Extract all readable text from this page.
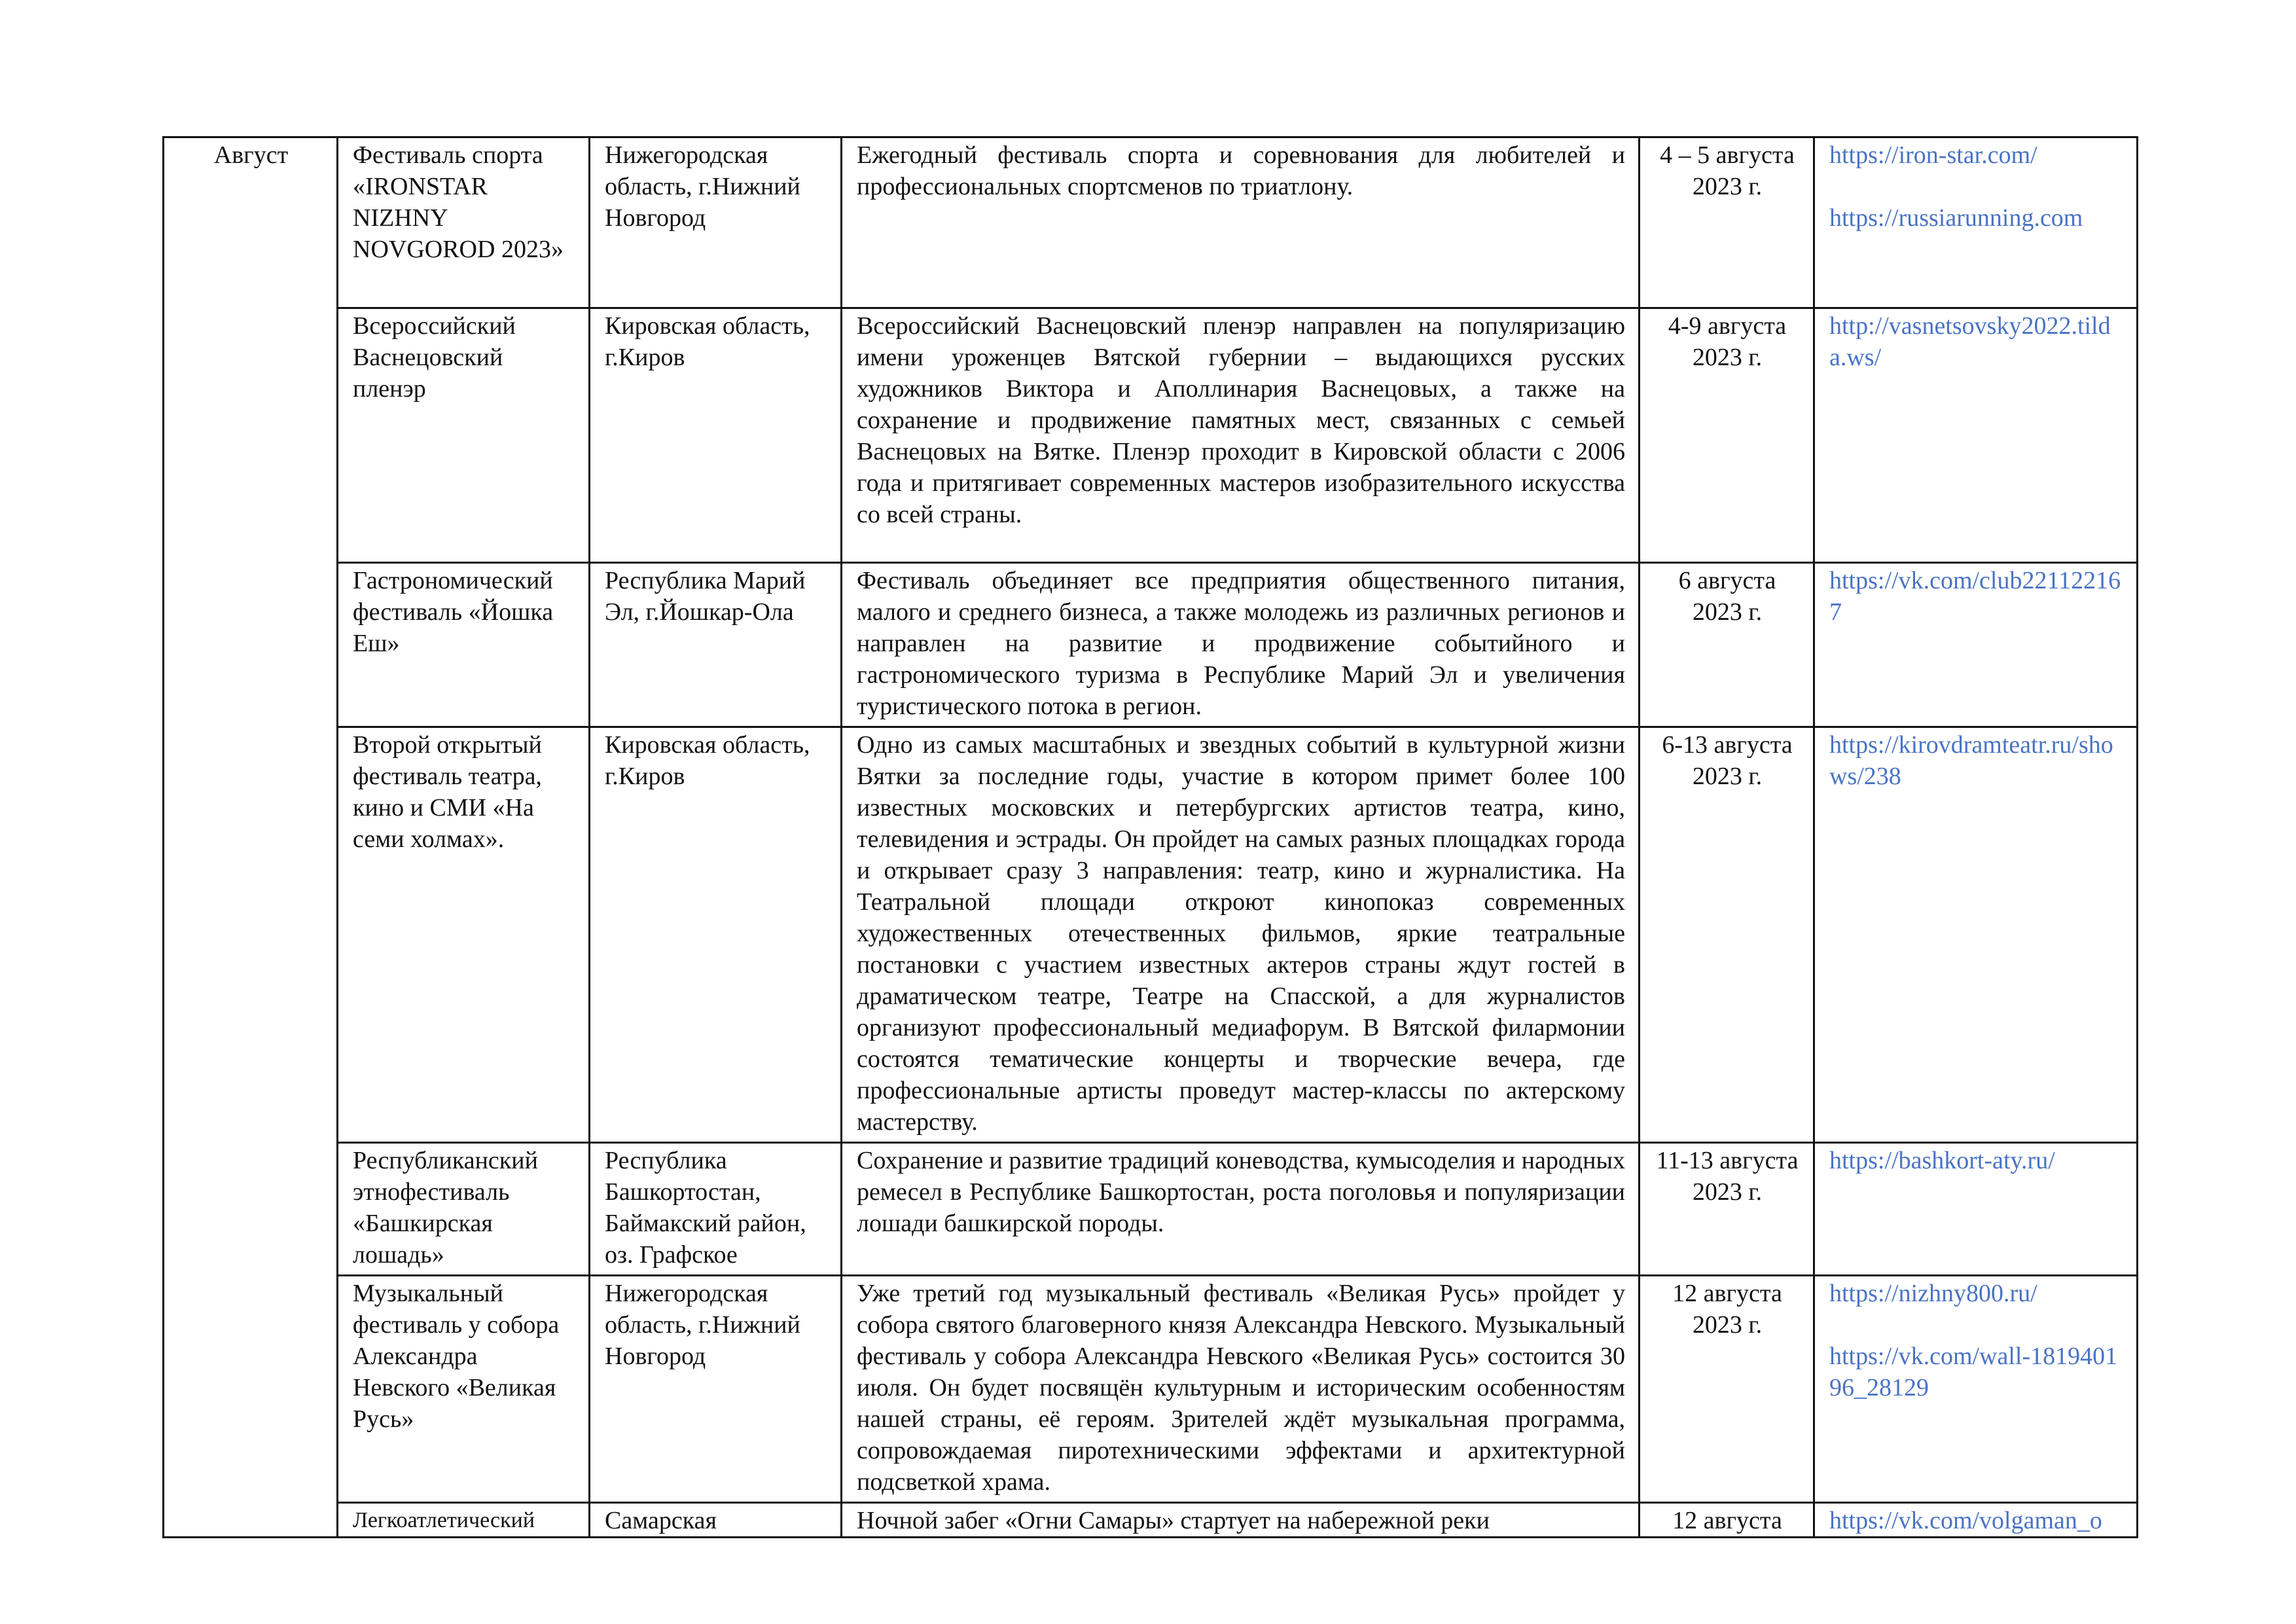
Август	Фестиваль спорта «IRONSTAR NIZHNY NOVGOROD 2023»	Нижегородская область, г.Нижний Новгород	Ежегодный фестиваль спорта и соревнования для любителей и профессиональных спортсменов по триатлону.	4 – 5 августа 2023 г.	https://iron-star.com/
https://russiarunning.com

	Всероссийский Васнецовский пленэр	Кировская область, г.Киров	Всероссийский Васнецовский пленэр направлен на популяризацию имени уроженцев Вятской губернии – выдающихся русских художников Виктора и Аполлинария Васнецовых, а также на сохранение и продвижение памятных мест, связанных с семьей Васнецовых на Вятке. Пленэр проходит в Кировской области с 2006 года и притягивает современных мастеров изобразительного искусства со всей страны.	4-9 августа 2023 г.	http://vasnetsovsky2022.tilda.ws/

	Гастрономический фестиваль «Йошка Еш»	Республика Марий Эл, г.Йошкар-Ола	Фестиваль объединяет все предприятия общественного питания, малого и среднего бизнеса, а также молодежь из различных регионов и направлен на развитие и продвижение событийного и гастрономического туризма в Республике Марий Эл и увеличения туристического потока в регион.	6 августа 2023 г.	https://vk.com/club221122167

	Второй открытый фестиваль театра, кино и СМИ «На семи холмах».	Кировская область, г.Киров	Одно из самых масштабных и звездных событий в культурной жизни Вятки за последние годы, участие в котором примет более 100 известных московских и петербургских артистов театра, кино, телевидения и эстрады. Он пройдет на самых разных площадках города и открывает сразу 3 направления: театр, кино и журналистика. На Театральной площади откроют кинопоказ современных художественных отечественных фильмов, яркие театральные постановки с участием известных актеров страны ждут гостей в драматическом театре, Театре на Спасской, а для журналистов организуют профессиональный медиафорум. В Вятской филармонии состоятся тематические концерты и творческие вечера, где профессиональные артисты проведут мастер-классы по актерскому мастерству.	6-13 августа 2023 г.	https://kirovdramteatr.ru/shows/238

	Республиканский этнофестиваль «Башкирская лошадь»	Республика Башкортостан, Баймакский район, оз. Графское	Сохранение и развитие традиций коневодства, кумысоделия и народных ремесел в Республике Башкортостан, роста поголовья и популяризации лошади башкирской породы.	11-13 августа 2023 г.	https://bashkort-aty.ru/

	Музыкальный фестиваль у собора Александра Невского «Великая Русь»	Нижегородская область, г.Нижний Новгород	Уже третий год музыкальный фестиваль «Великая Русь» пройдет у собора святого благоверного князя Александра Невского. Музыкальный фестиваль у собора Александра Невского «Великая Русь» состоится 30 июля. Он будет посвящён культурным и историческим особенностям нашей страны, её героям. Зрителей ждёт музыкальная программа, сопровождаемая пиротехническими эффектами и архитектурной подсветкой храма.	12 августа 2023 г.	https://nizhny800.ru/
https://vk.com/wall-181940196_28129

	Легкоатлетический	Самарская	Ночной забег «Огни Самары» стартует на набережной реки	12 августа	https://vk.com/volgaman_o
